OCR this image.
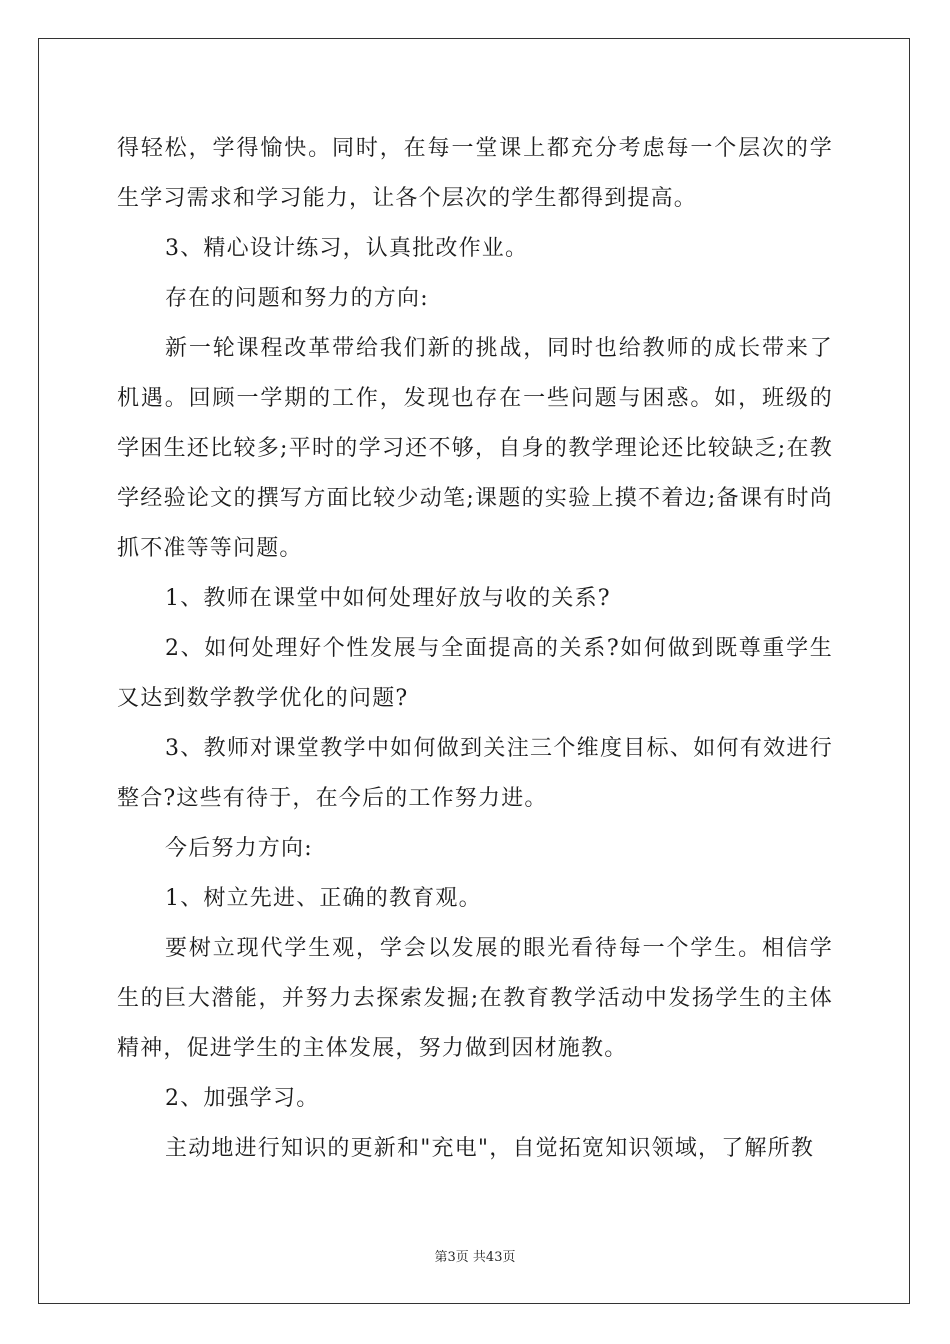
得轻松，学得愉快。同时，在每一堂课上都充分考虑每一个层次的学生学习需求和学习能力，让各个层次的学生都得到提高。

3、精心设计练习，认真批改作业。

存在的问题和努力的方向:

新一轮课程改革带给我们新的挑战，同时也给教师的成长带来了机遇。回顾一学期的工作，发现也存在一些问题与困惑。如，班级的学困生还比较多;平时的学习还不够，自身的教学理论还比较缺乏;在教学经验论文的撰写方面比较少动笔;课题的实验上摸不着边;备课有时尚抓不准等等问题。

1、教师在课堂中如何处理好放与收的关系?

2、如何处理好个性发展与全面提高的关系?如何做到既尊重学生又达到数学教学优化的问题?

3、教师对课堂教学中如何做到关注三个维度目标、如何有效进行整合?这些有待于，在今后的工作努力进。

今后努力方向:

1、树立先进、正确的教育观。

要树立现代学生观，学会以发展的眼光看待每一个学生。相信学生的巨大潜能，并努力去探索发掘;在教育教学活动中发扬学生的主体精神，促进学生的主体发展，努力做到因材施教。

2、加强学习。

主动地进行知识的更新和"充电"，自觉拓宽知识领域，了解所教

第3页 共43页
